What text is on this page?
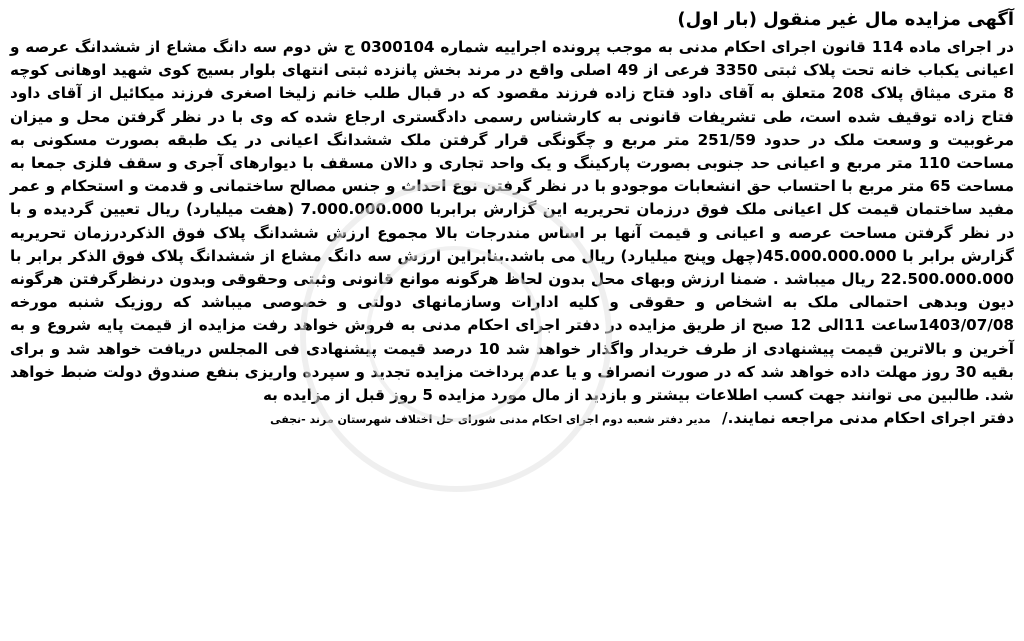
آگهی مزایده مال غیر منقول (بار اول)

در اجرای ماده 114 قانون اجرای احکام مدنی به موجب پرونده اجراییه شماره 0300104 ج ش دوم سه دانگ مشاع از ششدانگ عرصه و اعیانی یکباب خانه تحت پلاک ثبتی 3350 فرعی از 49 اصلی واقع در مرند بخش پانزده ثبتی انتهای بلوار بسیج کوی شهید اوهانی کوچه 8 متری میثاق پلاک 208 متعلق به آقای داود فتاح زاده فرزند مقصود که در قبال طلب خانم زلیخا اصغری فرزند میکائیل از آقای داود فتاح زاده توقیف شده است، طی تشریفات قانونی به کارشناس رسمی دادگستری ارجاع شده که وی با در نظر گرفتن محل و میزان مرغوبیت و وسعت ملک در حدود 251/59 متر مربع و چگونگی قرار گرفتن ملک ششدانگ اعیانی در یک طبقه بصورت مسکونی به مساحت 110 متر مربع و اعیانی حد جنوبی بصورت پارکینگ و یک واحد تجاری و دالان مسقف با دیوارهای آجری و سقف فلزی جمعا به مساحت 65 متر مربع با احتساب حق انشعابات موجودو با در نظر گرفتن نوع احداث و جنس مصالح ساختمانی و قدمت و استحکام و عمر مفید ساختمان قیمت کل اعیانی ملک فوق درزمان تحریریه این گزارش برابربا 7.000.000.000 (هفت میلیارد) ریال تعیین گردیده و با در نظر گرفتن مساحت عرصه و اعیانی و قیمت آنها بر اساس مندرجات بالا مجموع ارزش ششدانگ پلاک فوق الذکردرزمان تحریریه گزارش برابر با 45.000.000.000(چهل وپنج میلیارد) ریال می باشد.بنابراین ارزش سه دانگ مشاع از ششدانگ پلاک فوق الذکر برابر با 22.500.000.000 ریال میباشد . ضمنا ارزش وبهای محل بدون لحاظ هرگونه موانع قانونی وثبتی وحقوقی وبدون درنظرگرفتن هرگونه دیون وبدهی احتمالی ملک به اشخاص و حقوقی و کلیه ادارات وسازمانهای دولتی و خصوصی میباشد که روزیک شنبه مورخه 1403/07/08ساعت 11الی 12 صبح از طریق مزایده در دفتر اجرای احکام مدنی به فروش خواهد رفت مزایده از قیمت پایه شروع و به آخرین و بالاترین قیمت پیشنهادی از طرف خریدار واگذار خواهد شد 10 درصد قیمت پیشنهادی فی المجلس دریافت خواهد شد و برای بقیه 30 روز مهلت داده خواهد شد که در صورت انصراف و یا عدم پرداخت مزایده تجدید و سپرده واریزی بنفع صندوق دولت ضبط خواهد شد. طالبین می توانند جهت کسب اطلاعات بیشتر و بازدید از مال مورد مزایده 5 روز قبل از مزایده به

دفتر اجرای احکام مدنی مراجعه نمایند./ مدیر دفتر شعبه دوم اجرای احکام مدنی شورای حل اختلاف شهرستان مرند -نجفی
